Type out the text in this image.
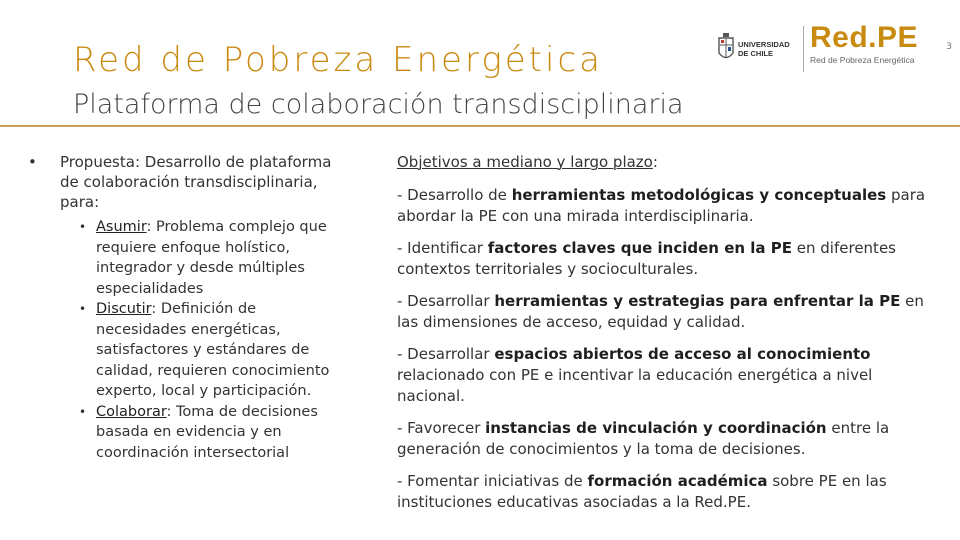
Red de Pobreza Energética
Plataforma de colaboración transdisciplinaria
3
UNIVERSIDAD
DE CHILE	Red.PE
Red de Pobreza Energética
• Propuesta: Desarrollo de plataforma de colaboración transdisciplinaria, para:
• Asumir: Problema complejo que requiere enfoque holístico, integrador y desde múltiples especialidades
• Discutir: Definición de necesidades energéticas, satisfactores y estándares de calidad, requieren conocimiento experto, local y participación.
• Colaborar: Toma de decisiones basada en evidencia y en coordinación intersectorial
Objetivos a mediano y largo plazo:
- Desarrollo de herramientas metodológicas y conceptuales para abordar la PE con una mirada interdisciplinaria.
- Identificar factores claves que inciden en la PE en diferentes contextos territoriales y socioculturales.
- Desarrollar herramientas y estrategias para enfrentar la PE en las dimensiones de acceso, equidad y calidad.
- Desarrollar espacios abiertos de acceso al conocimiento relacionado con PE e incentivar la educación energética a nivel nacional.
- Favorecer instancias de vinculación y coordinación entre la generación de conocimientos y la toma de decisiones.
- Fomentar iniciativas de formación académica sobre PE en las instituciones educativas asociadas a la Red.PE.
